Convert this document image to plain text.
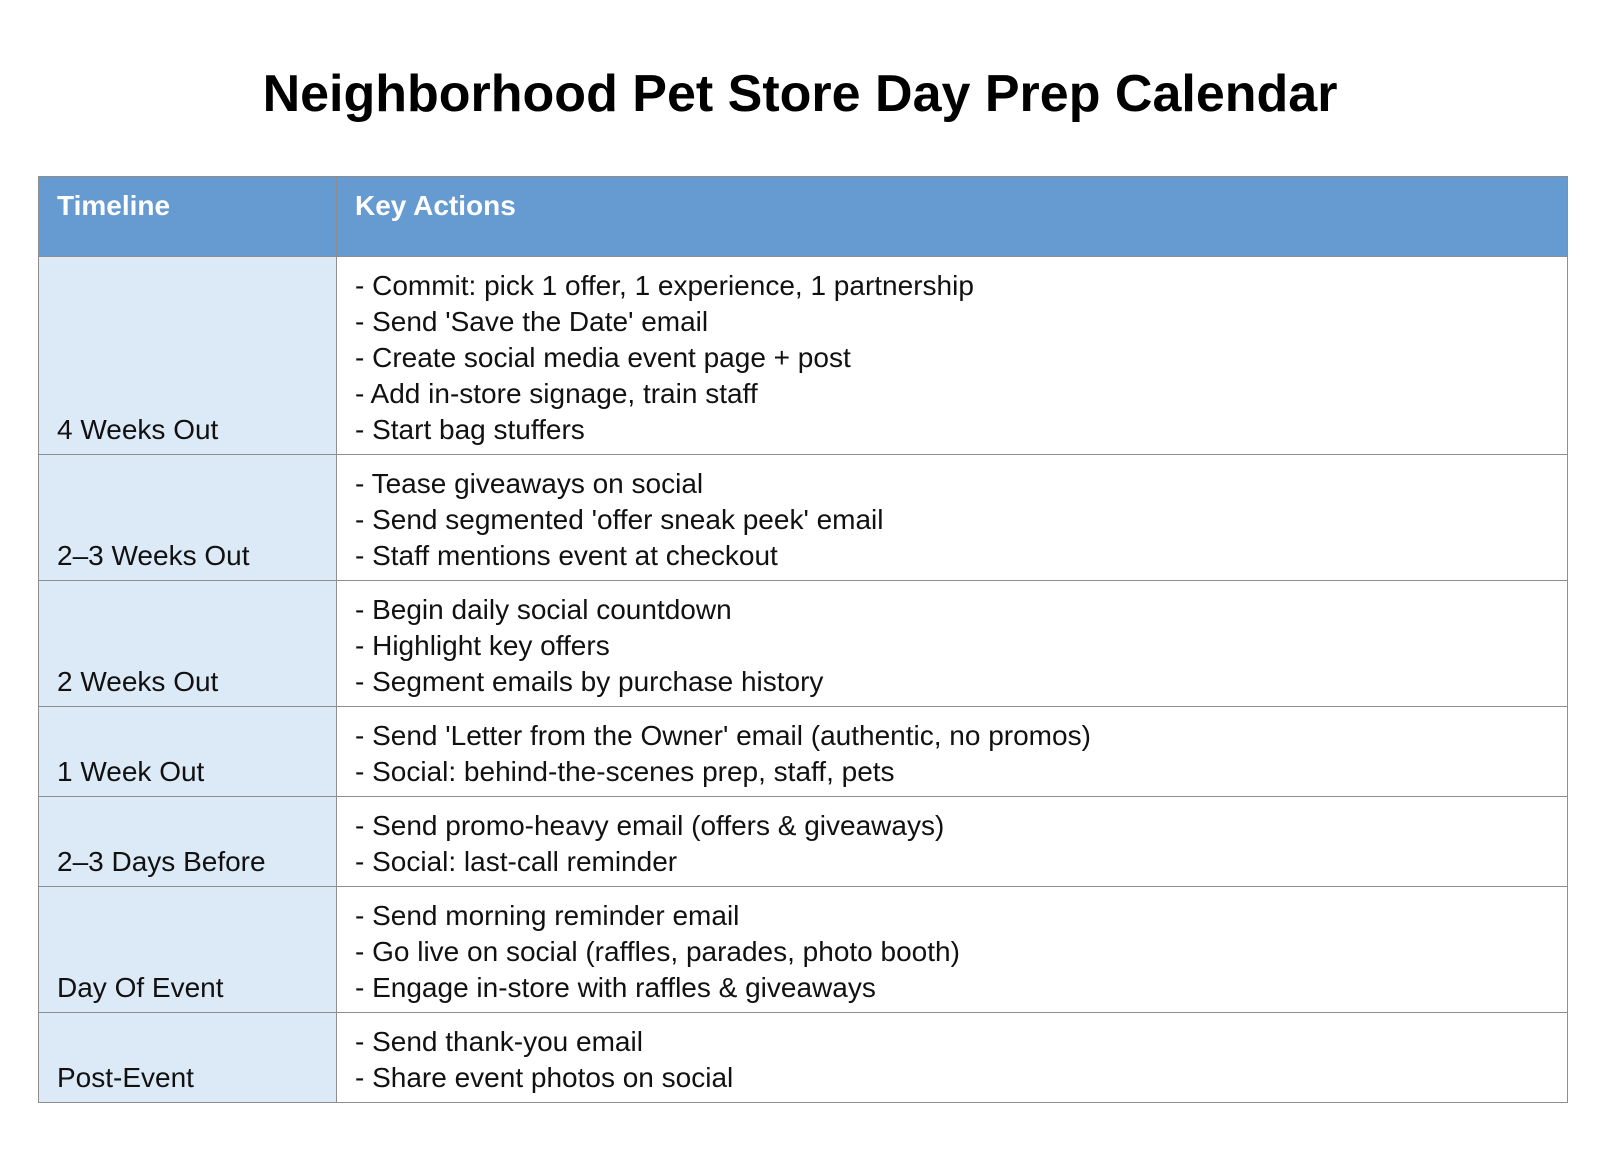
Neighborhood Pet Store Day Prep Calendar
Timeline	Key Actions
4 Weeks Out	- Commit: pick 1 offer, 1 experience, 1 partnership
- Send 'Save the Date' email
- Create social media event page + post
- Add in-store signage, train staff
- Start bag stuffers

2–3 Weeks Out	- Tease giveaways on social
- Send segmented 'offer sneak peek' email
- Staff mentions event at checkout

2 Weeks Out	- Begin daily social countdown
- Highlight key offers
- Segment emails by purchase history

1 Week Out	- Send 'Letter from the Owner' email (authentic, no promos)
- Social: behind-the-scenes prep, staff, pets

2–3 Days Before	- Send promo-heavy email (offers & giveaways)
- Social: last-call reminder

Day Of Event	- Send morning reminder email
- Go live on social (raffles, parades, photo booth)
- Engage in-store with raffles & giveaways

Post-Event	- Send thank-you email
- Share event photos on social
